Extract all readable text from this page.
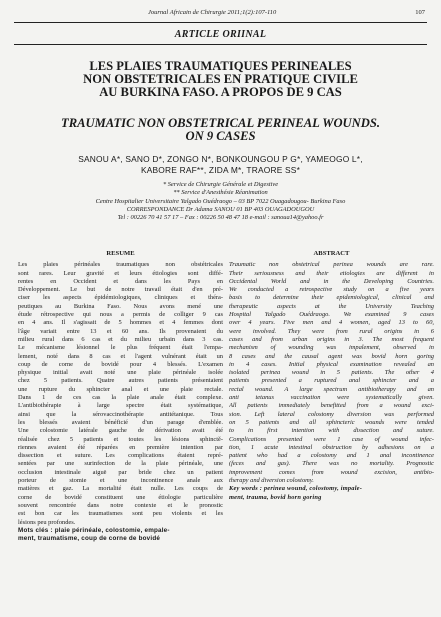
Journal Africain de Chirurgie 2011;1(2):107-110	107
ARTICLE ORIINAL
LES PLAIES TRAUMATIQUES PERINEALES
NON OBSTETRICALES EN PRATIQUE CIVILE
AU BURKINA FASO. A PROPOS DE 9 CAS
TRAUMATIC NON OBSTETRICAL PERINEAL WOUNDS.
ON 9 CASES
SANOU A*, SANO D*, ZONGO N*, BONKOUNGOU P G*, YAMEOGO L*,
KABORE RAF**, ZIDA M*, TRAORE SS*
* Service de Chirurgie Générale et Digestive
** Service d'Anesthésie Réanimation
Centre Hospitalier Universitaire Yalgado Ouédraogo – 03 BP 7022 Ouagadougou- Burkina Faso
CORRESPONDANCE Dr Adama SANOU 01 BP 403 OUAGADOUGOU
Tel : 00226 70 41 57 17 – Fax : 00226 50 48 47 18 e-mail : sanoua14@yahoo.fr
RESUME
Les plaies périnéales traumatiques non obstétricales
sont rares. Leur gravité et leurs étiologies sont diffé-
rentes en Occident et dans les Pays en
Développement. Le but de notre travail était d'en pré-
ciser les aspects épidémiologiques, cliniques et théra-
peutiques au Burkina Faso. Nous avons mené une
étude rétrospective qui nous a permis de colliger 9 cas
en 4 ans. Il s'agissait de 5 hommes et 4 femmes dont
l'âge variait entre 13 et 60 ans. Ils provenaient du
milieu rural dans 6 cas et du milieu urbain dans 3 cas.
Le mécanisme lésionnel le plus fréquent était l'empa-
lement, noté dans 8 cas et l'agent vulnérant était un
coup de corne de bovidé pour 4 blessés. L'examen
physique initial avait noté une plaie périnéale isolée
chez 5 patients. Quatre autres patients présentaient
une rupture du sphincter anal et une plaie rectale.
Dans 1 de ces cas la plaie anale était complexe.
L'antibiothérapie à large spectre était systématique,
ainsi que la sérovaccinothérapie antitétanique. Tous
les blessés avaient bénéficié d'un parage d'emblée.
Une colostomie latérale gauche de dérivation avait été
réalisée chez 5 patients et toutes les lésions sphinctě-
riennes avaient été réparées en première intention par
dissection et suture. Les complications étaient repré-
sentées par une surinfection de la plaie périnéale, une
occlusion intestinale aiguë par bride chez un patient
porteur de stomie et une incontinence anale aux
matières et gaz. La mortalité était nulle. Les coups de
corne de bovidé constituent une étiologie particulière
souvent rencontrée dans notre contexte et le pronostic
est bon car les traumatismes sont peu violents et les
lésions peu profondes.
Mots clés : plaie périnéale, colostomie, empale-
ment, traumatisme, coup de corne de bovidé
ABSTRACT
Traumatic non obstetrical perinea wounds are rare.
Their seriousness and their etiologies are different in
Occidental World and in the Developing Countries.
We conducted a retrospective study on a five years
basis to determine their epidemiological, clinical and
therapeutic aspects at the University Teaching
Hospital Yalgado Ouédraogo. We examined 9 cases
over 4 years. Five men and 4 women, aged 13 to 60,
were involved. They were from rural origins in 6
cases and from urban origins in 3. The most frequent
mechanism of wounding was impalement, observed in
8 cases and the causal agent was bovid horn goring
in 4 cases. Initial physical examination revealed an
isolated perinea wound in 5 patients. The other 4
patients presented a ruptured anal sphincter and a
rectal wound. A large spectrum antibiotherapy and an
anti tetanus vaccination were systematically given.
All patients immediately benefitted from a wound exci-
sion. Left lateral colostomy diversion was performed
on 5 patients and all sphincteric wounds were tended
to in first intention with dissection and suture.
Complications presented were 1 case of wound infec-
tion, 1 acute intestinal obstruction by adhesions on a
patient who had a colostomy and 1 anal incontinence
(feces and gas). There was no mortality. Prognostic
improvement comes from wound excision, antibio-
therapy and diversion colostomy.
Key words : perinea wound, colostomy, impale-
ment, trauma, bovid horn goring
